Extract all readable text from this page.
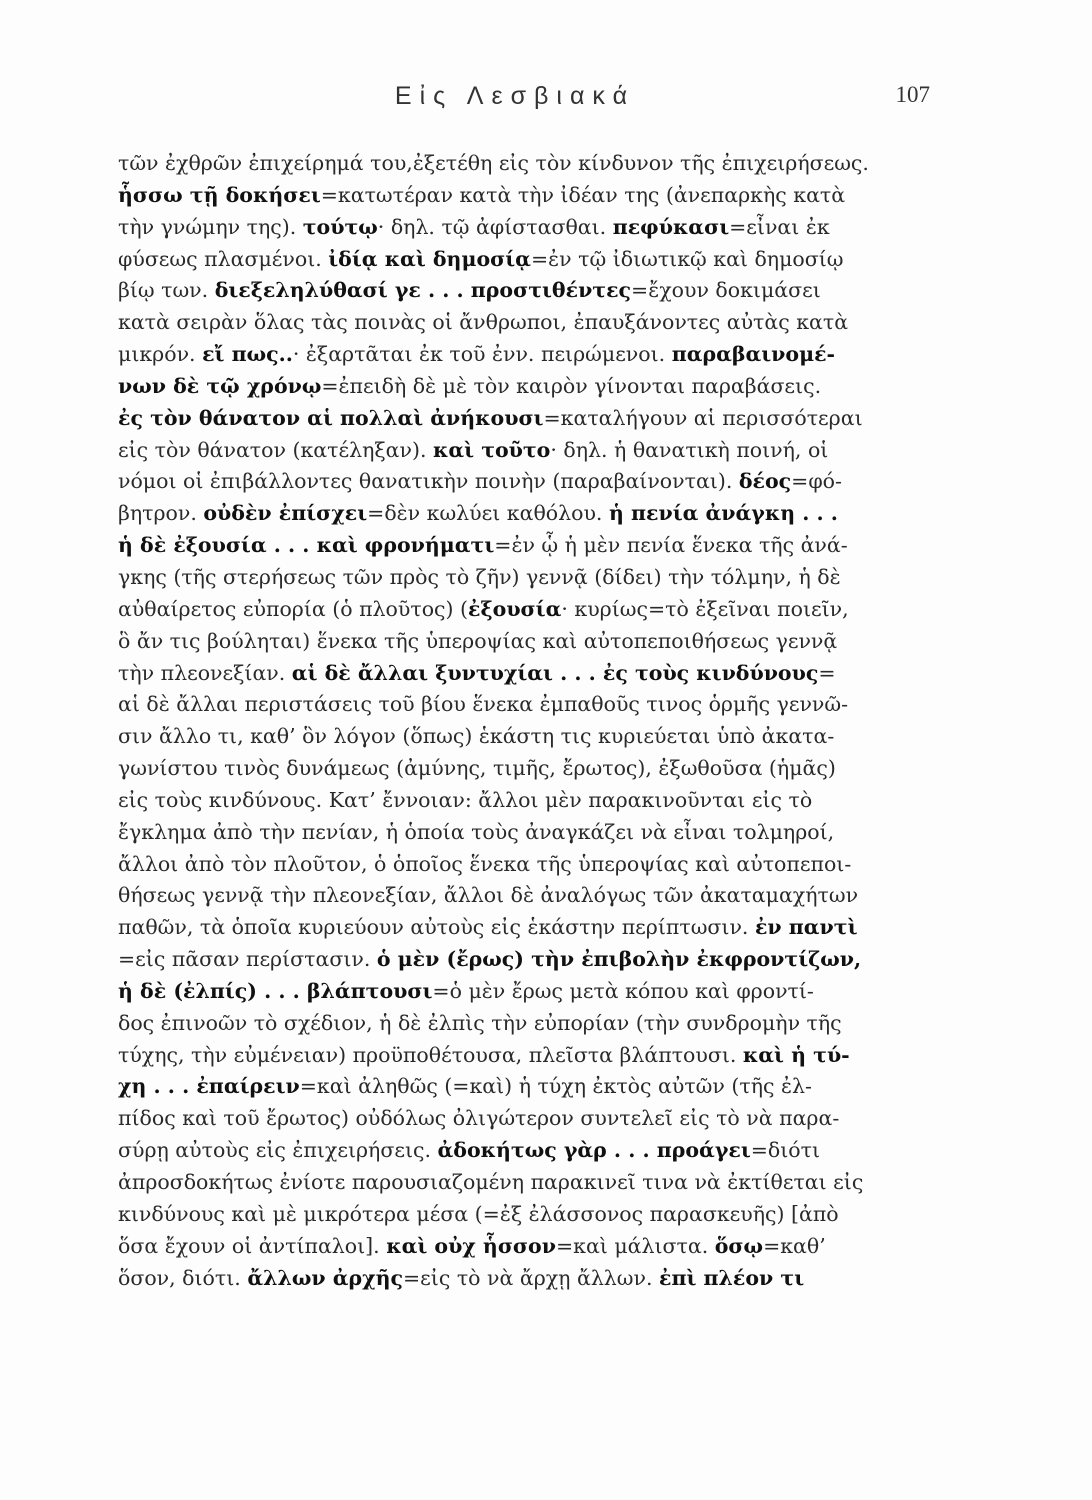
Εἰς Λεσβιακά	107
τῶν ἐχθρῶν ἐπιχείρημά του,ἐξετέθη εἰς τὸν κίνδυνον τῆς ἐπιχειρήσεως.
ἧσσω τῇ δοκήσει=κατωτέραν κατὰ τὴν ἰδέαν της (ἀνεπαρκὴς κατὰ
τὴν γνώμην της). τούτῳ· δηλ. τῷ ἀφίστασθαι. πεφύκασι=εἶναι ἐκ
φύσεως πλασμένοι. ἰδίᾳ καὶ δημοσίᾳ=ἐν τῷ ἰδιωτικῷ καὶ δημοσίῳ
βίῳ των. διεξεληλύθασί γε . . . προστιθέντες=ἔχουν δοκιμάσει
κατὰ σειρὰν ὅλας τὰς ποινὰς οἱ ἄνθρωποι, ἐπαυξάνοντες αὐτὰς κατὰ
μικρόν. εἴ πως..· ἐξαρτᾶται ἐκ τοῦ ἐνν. πειρώμενοι. παραβαινομέ-
νων δὲ τῷ χρόνῳ=ἐπειδὴ δὲ μὲ τὸν καιρὸν γίνονται παραβάσεις.
ἐς τὸν θάνατον αἱ πολλαὶ ἀνήκουσι=καταλήγουν αἱ περισσότεραι
εἰς τὸν θάνατον (κατέληξαν). καὶ τοῦτο· δηλ. ἡ θανατικὴ ποινή, οἱ
νόμοι οἱ ἐπιβάλλοντες θανατικὴν ποινὴν (παραβαίνονται). δέος=φό-
βητρον. οὐδὲν ἐπίσχει=δὲν κωλύει καθόλου. ἡ πενία ἀνάγκη . . .
ἡ δὲ ἐξουσία . . . καὶ φρονήματι=ἐν ᾧ ἡ μὲν πενία ἕνεκα τῆς ἀνά-
γκης (τῆς στερήσεως τῶν πρὸς τὸ ζῆν) γεννᾷ (δίδει) τὴν τόλμην, ἡ δὲ
αὐθαίρετος εὐπορία (ὁ πλοῦτος) (ἐξουσία· κυρίως=τὸ ἐξεῖναι ποιεῖν,
ὃ ἄν τις βούληται) ἕνεκα τῆς ὑπεροψίας καὶ αὐτοπεποιθήσεως γεννᾷ
τὴν πλεονεξίαν. αἱ δὲ ἄλλαι ξυντυχίαι . . . ἐς τοὺς κινδύνους=
αἱ δὲ ἄλλαι περιστάσεις τοῦ βίου ἕνεκα ἐμπαθοῦς τινος ὁρμῆς γεννῶ-
σιν ἄλλο τι, καθ’ ὃν λόγον (ὅπως) ἑκάστη τις κυριεύεται ὑπὸ ἀκατα-
γωνίστου τινὸς δυνάμεως (ἀμύνης, τιμῆς, ἔρωτος), ἐξωθοῦσα (ἡμᾶς)
εἰς τοὺς κινδύνους. Κατ’ ἔννοιαν: ἄλλοι μὲν παρακινοῦνται εἰς τὸ
ἔγκλημα ἀπὸ τὴν πενίαν, ἡ ὁποία τοὺς ἀναγκάζει νὰ εἶναι τολμηροί,
ἄλλοι ἀπὸ τὸν πλοῦτον, ὁ ὁποῖος ἕνεκα τῆς ὑπεροψίας καὶ αὐτοπεποι-
θήσεως γεννᾷ τὴν πλεονεξίαν, ἄλλοι δὲ ἀναλόγως τῶν ἀκαταμαχήτων
παθῶν, τὰ ὁποῖα κυριεύουν αὐτοὺς εἰς ἑκάστην περίπτωσιν. ἐν παντὶ
=εἰς πᾶσαν περίστασιν. ὁ μὲν (ἔρως) τὴν ἐπιβολὴν ἐκφροντίζων,
ἡ δὲ (ἐλπίς) . . . βλάπτουσι=ὁ μὲν ἔρως μετὰ κόπου καὶ φροντί-
δος ἐπινοῶν τὸ σχέδιον, ἡ δὲ ἐλπὶς τὴν εὐπορίαν (τὴν συνδρομὴν τῆς
τύχης, τὴν εὐμένειαν) προϋποθέτουσα, πλεῖστα βλάπτουσι. καὶ ἡ τύ-
χη . . . ἐπαίρειν=καὶ ἀληθῶς (=καὶ) ἡ τύχη ἐκτὸς αὐτῶν (τῆς ἐλ-
πίδος καὶ τοῦ ἔρωτος) οὐδόλως ὀλιγώτερον συντελεῖ εἰς τὸ νὰ παρα-
σύρῃ αὐτοὺς εἰς ἐπιχειρήσεις. ἀδοκήτως γὰρ . . . προάγει=διότι
ἀπροσδοκήτως ἐνίοτε παρουσιαζομένη παρακινεῖ τινα νὰ ἐκτίθεται εἰς
κινδύνους καὶ μὲ μικρότερα μέσα (=ἐξ ἐλάσσονος παρασκευῆς) [ἀπὸ
ὅσα ἔχουν οἱ ἀντίπαλοι]. καὶ οὐχ ἧσσον=καὶ μάλιστα. ὅσῳ=καθ’
ὅσον, διότι. ἄλλων ἀρχῆς=εἰς τὸ νὰ ἄρχῃ ἄλλων. ἐπὶ πλέον τι
